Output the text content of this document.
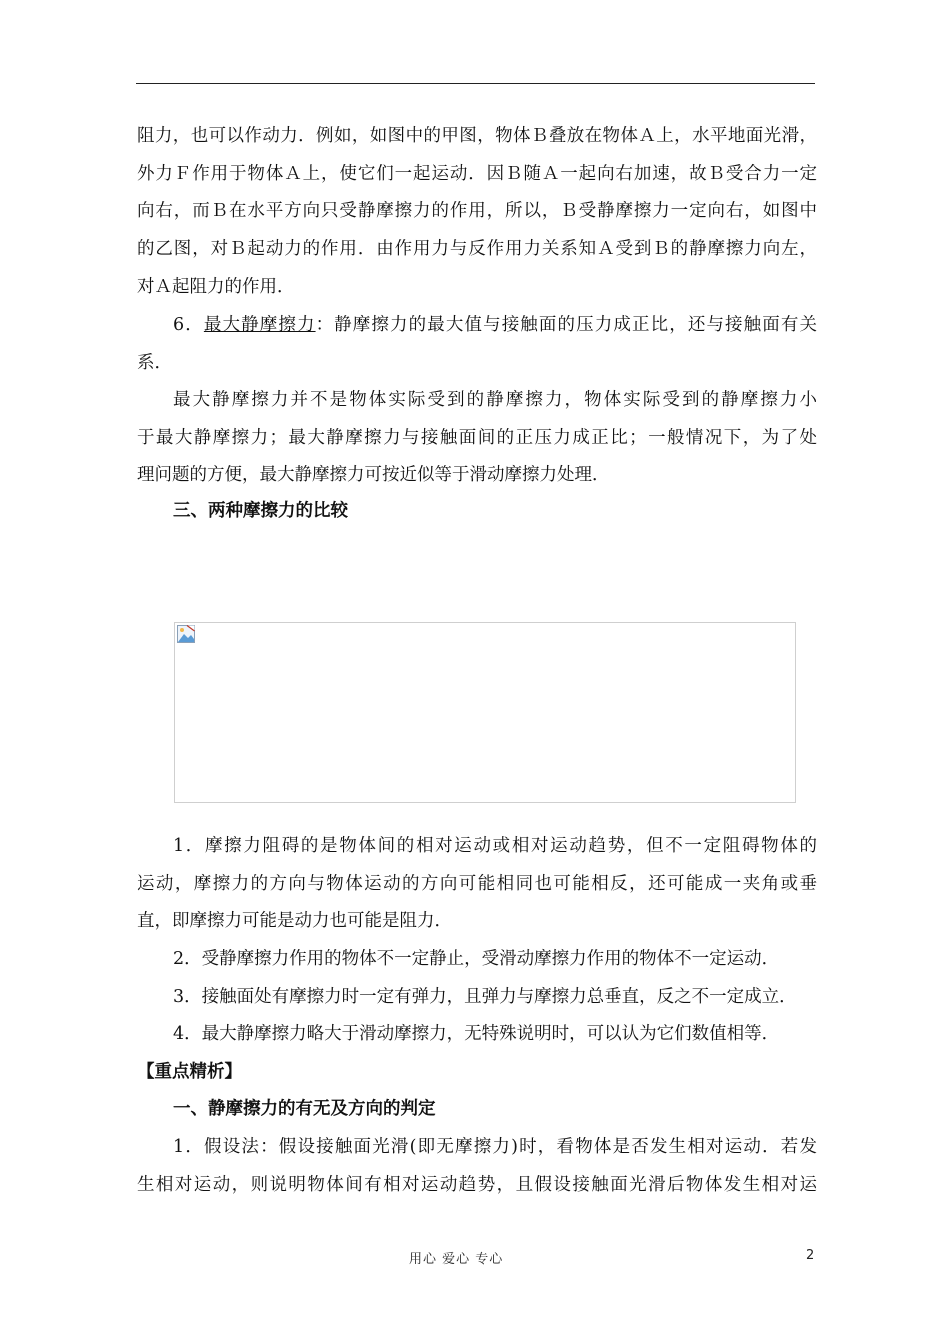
阻力，也可以作动力．例如，如图中的甲图，物体Ｂ叠放在物体Ａ上，水平地面光滑，
外力Ｆ作用于物体Ａ上，使它们一起运动．因Ｂ随Ａ一起向右加速，故Ｂ受合力一定
向右，而Ｂ在水平方向只受静摩擦力的作用，所以，Ｂ受静摩擦力一定向右，如图中
的乙图，对Ｂ起动力的作用．由作用力与反作用力关系知Ａ受到Ｂ的静摩擦力向左，
对Ａ起阻力的作用．
6．最大静摩擦力：静摩擦力的最大值与接触面的压力成正比，还与接触面有关
系．
最大静摩擦力并不是物体实际受到的静摩擦力，物体实际受到的静摩擦力小
于最大静摩擦力；最大静摩擦力与接触面间的正压力成正比；一般情况下，为了处
理问题的方便，最大静摩擦力可按近似等于滑动摩擦力处理．
三、两种摩擦力的比较
1．摩擦力阻碍的是物体间的相对运动或相对运动趋势，但不一定阻碍物体的
运动，摩擦力的方向与物体运动的方向可能相同也可能相反，还可能成一夹角或垂
直，即摩擦力可能是动力也可能是阻力．
2．受静摩擦力作用的物体不一定静止，受滑动摩擦力作用的物体不一定运动．
3．接触面处有摩擦力时一定有弹力，且弹力与摩擦力总垂直，反之不一定成立．
4．最大静摩擦力略大于滑动摩擦力，无特殊说明时，可以认为它们数值相等．
【重点精析】
一、静摩擦力的有无及方向的判定
1．假设法：假设接触面光滑(即无摩擦力)时，看物体是否发生相对运动．若发
生相对运动，则说明物体间有相对运动趋势，且假设接触面光滑后物体发生相对运
用心 爱心 专心	2
